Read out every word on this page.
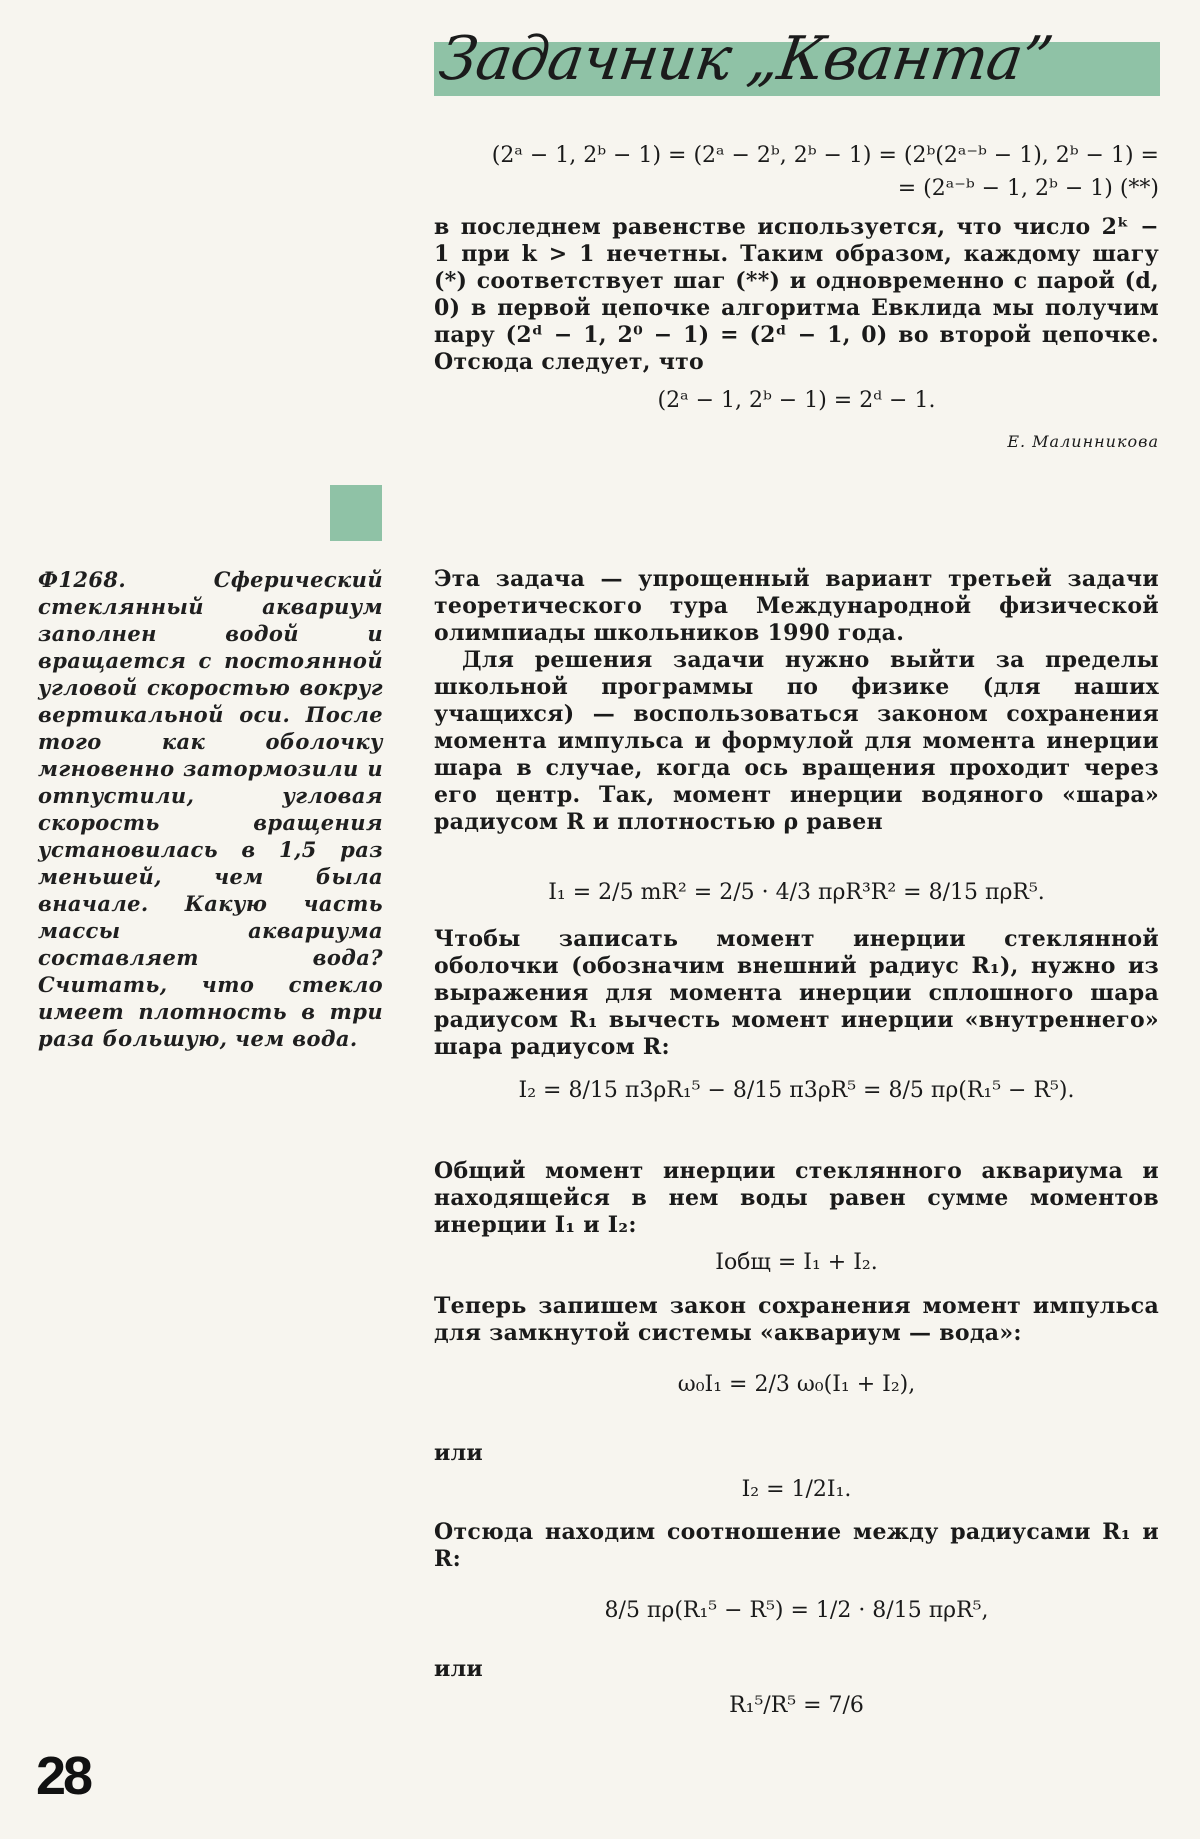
Задачник „Кванта”
(2ᵃ − 1, 2ᵇ − 1) = (2ᵃ − 2ᵇ, 2ᵇ − 1) = (2ᵇ(2ᵃ⁻ᵇ − 1), 2ᵇ − 1) =
= (2ᵃ⁻ᵇ − 1, 2ᵇ − 1) (**)
в последнем равенстве используется, что число 2ᵏ − 1 при k > 1 нечетны. Таким образом, каждому шагу (*) соответствует шаг (**) и одновременно с парой (d, 0) в первой цепочке алгоритма Евклида мы получим пару (2ᵈ − 1, 2⁰ − 1) = (2ᵈ − 1, 0) во второй цепочке. Отсюда следует, что
(2ᵃ − 1, 2ᵇ − 1) = 2ᵈ − 1.
Е. Малинникова
Ф1268.	Сферический стеклянный аквариум заполнен водой и вращается с постоянной угловой скоростью вокруг вертикальной оси. После того как оболочку мгновенно затормозили и отпустили, угловая скорость вращения установилась в 1,5 раз меньшей, чем была вначале. Какую часть массы аквариума составляет вода? Считать, что стекло имеет плотность в три раза большую, чем вода.
Эта задача — упрощенный вариант третьей задачи теоретического тура Международной физической олимпиады школьников 1990 года.
Для решения задачи нужно выйти за пределы школьной программы по физике (для наших учащихся) — воспользоваться законом сохранения момента импульса и формулой для момента инерции шара в случае, когда ось вращения проходит через его центр. Так, момент инерции водяного «шара» радиусом R и плотностью ρ равен
I₁ = 2/5 mR² = 2/5 · 4/3 πρR³R² = 8/15 πρR⁵.
Чтобы записать момент инерции стеклянной оболочки (обозначим внешний радиус R₁), нужно из выражения для момента инерции сплошного шара радиусом R₁ вычесть момент инерции «внутреннего» шара радиусом R:
I₂ = 8/15 π3ρR₁⁵ − 8/15 π3ρR⁵ = 8/5 πρ(R₁⁵ − R⁵).
Общий момент инерции стеклянного аквариума и находящейся в нем воды равен сумме моментов инерции I₁ и I₂:
Iобщ = I₁ + I₂.
Теперь запишем закон сохранения момент импульса для замкнутой системы «аквариум — вода»:
ω₀I₁ = 2/3 ω₀(I₁ + I₂),
или
I₂ = 1/2I₁.
Отсюда находим соотношение между радиусами R₁ и R:
8/5 πρ(R₁⁵ − R⁵) = 1/2 · 8/15 πρR⁵,
или
R₁⁵/R⁵ = 7/6
28
